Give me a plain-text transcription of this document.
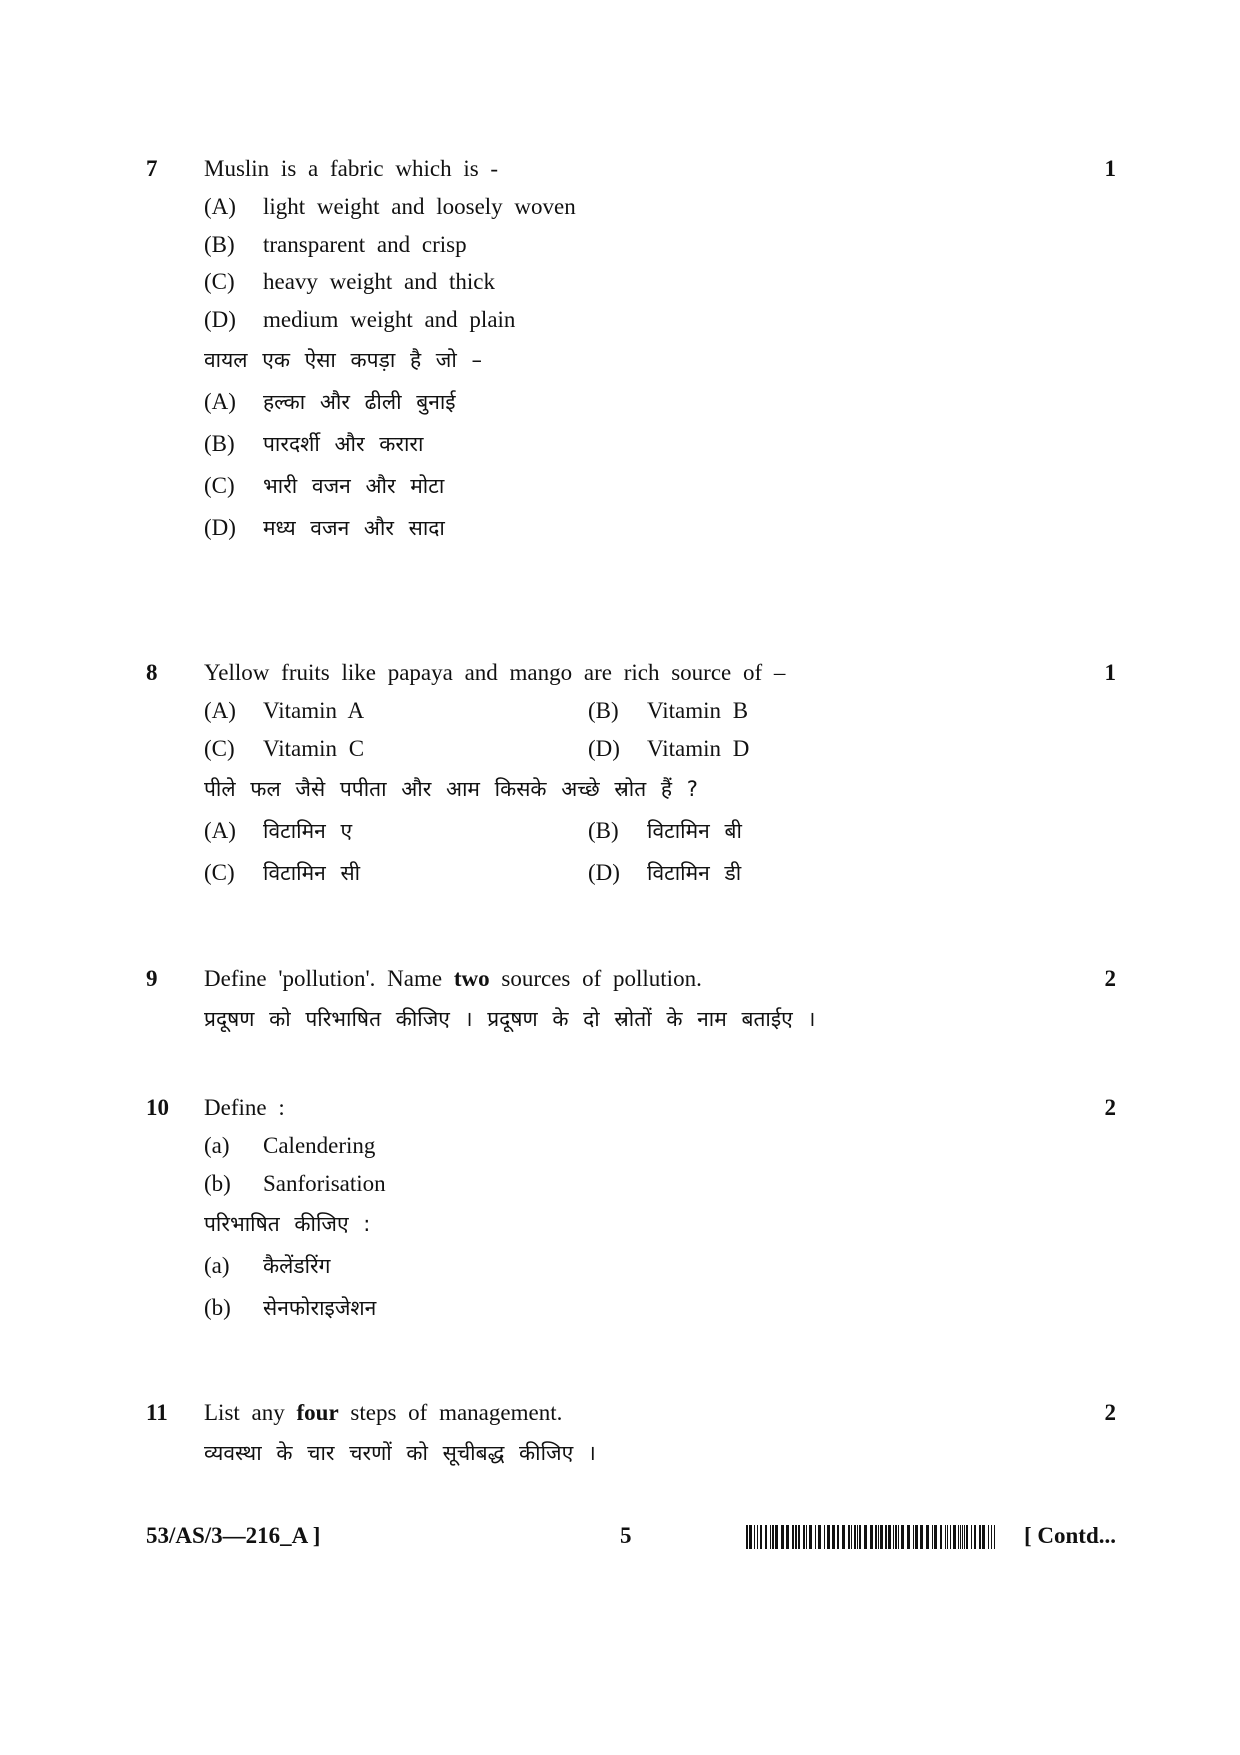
7	1
Muslin is a fabric which is -
(A) light weight and loosely woven
(B) transparent and crisp
(C) heavy weight and thick
(D) medium weight and plain
वायल एक ऐसा कपड़ा है जो –
(A) हल्का और ढीली बुनाई
(B) पारदर्शी और करारा
(C) भारी वजन और मोटा
(D) मध्य वजन और सादा
8	1
Yellow fruits like papaya and mango are rich source of –
(A) Vitamin A	(B) Vitamin B
(C) Vitamin C	(D) Vitamin D
पीले फल जैसे पपीता और आम किसके अच्छे स्रोत हैं ?
(A) विटामिन ए	(B) विटामिन बी
(C) विटामिन सी	(D) विटामिन डी
9	2
Define 'pollution'. Name two sources of pollution.
प्रदूषण को परिभाषित कीजिए । प्रदूषण के दो स्रोतों के नाम बताईए ।
10	2
Define :
(a) Calendering
(b) Sanforisation
परिभाषित कीजिए :
(a) कैलेंडरिंग
(b) सेनफोराइजेशन
11	2
List any four steps of management.
व्यवस्था के चार चरणों को सूचीबद्ध कीजिए ।
53/AS/3—216_A ]	5	[ Contd...
